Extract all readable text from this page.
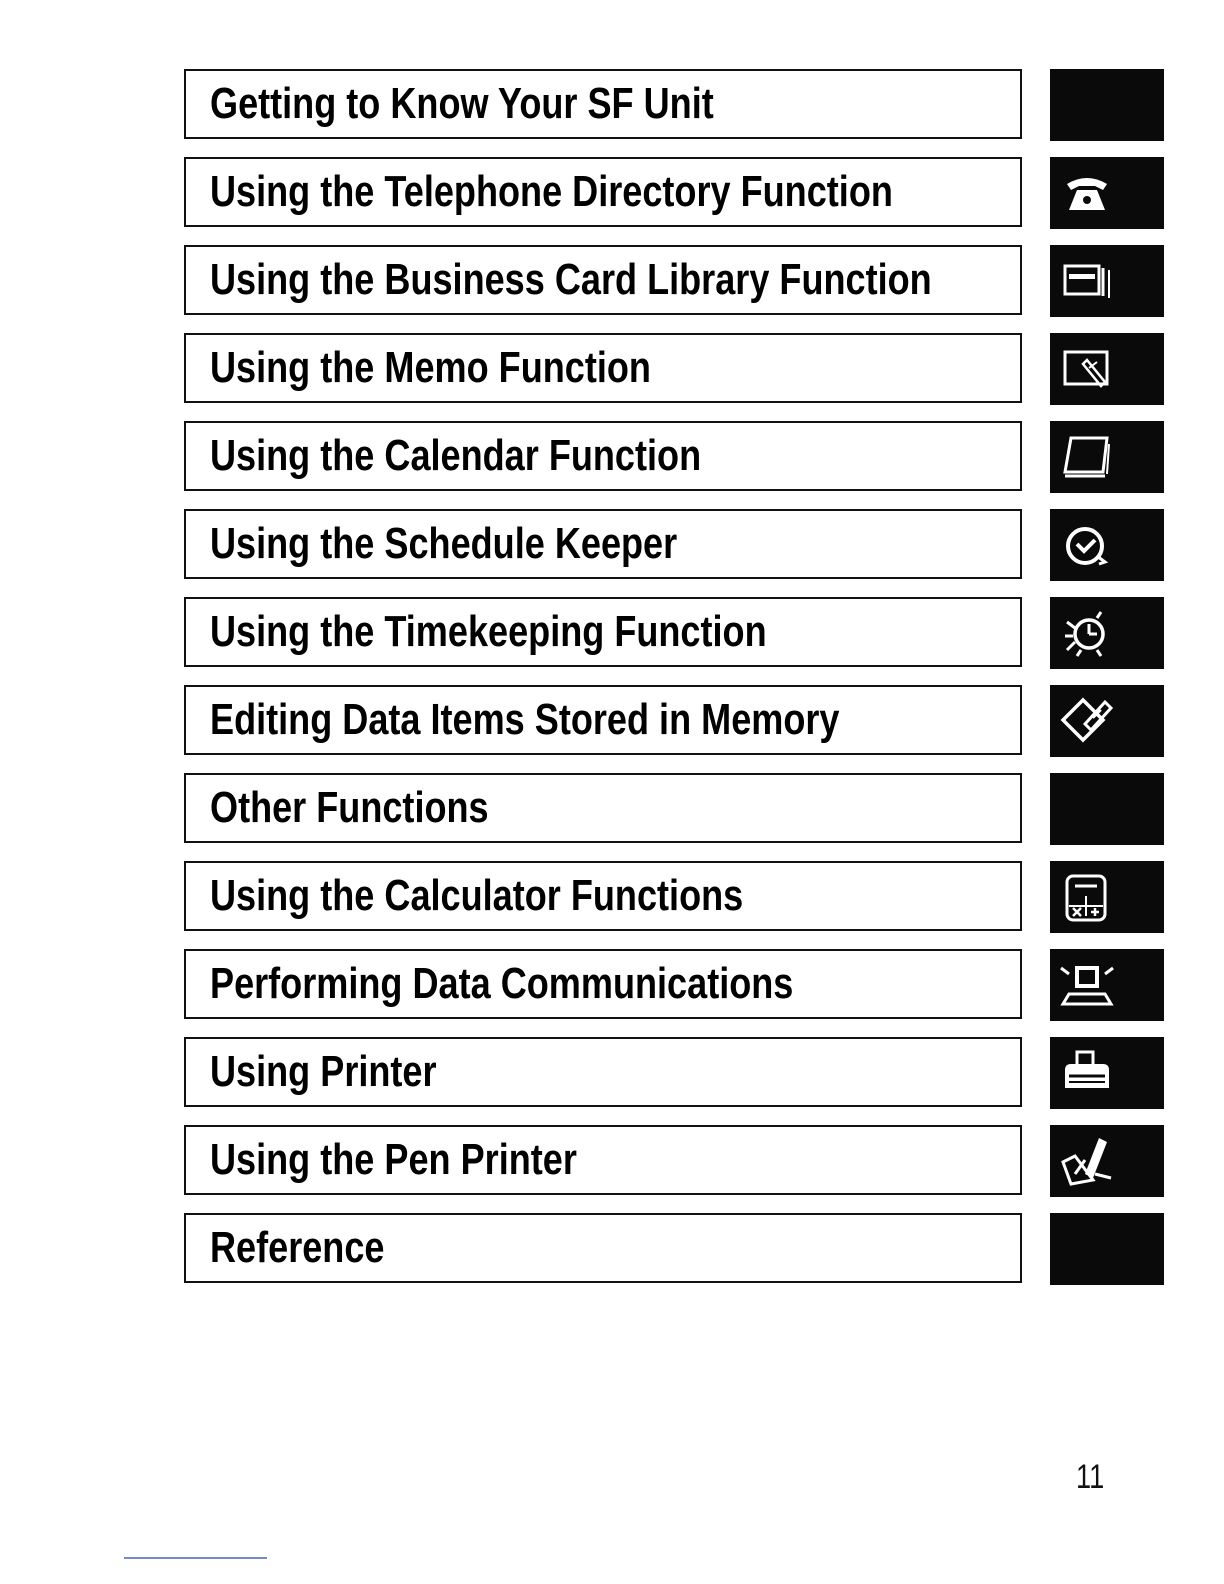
Getting to Know Your SF Unit
Using the Telephone Directory Function
Using the Business Card Library Function
Using the Memo Function
Using the Calendar Function
Using the Schedule Keeper
Using the Timekeeping Function
Editing Data Items Stored in Memory
Other Functions
Using the Calculator Functions
Performing Data Communications
Using Printer
Using the Pen Printer
Reference
11
